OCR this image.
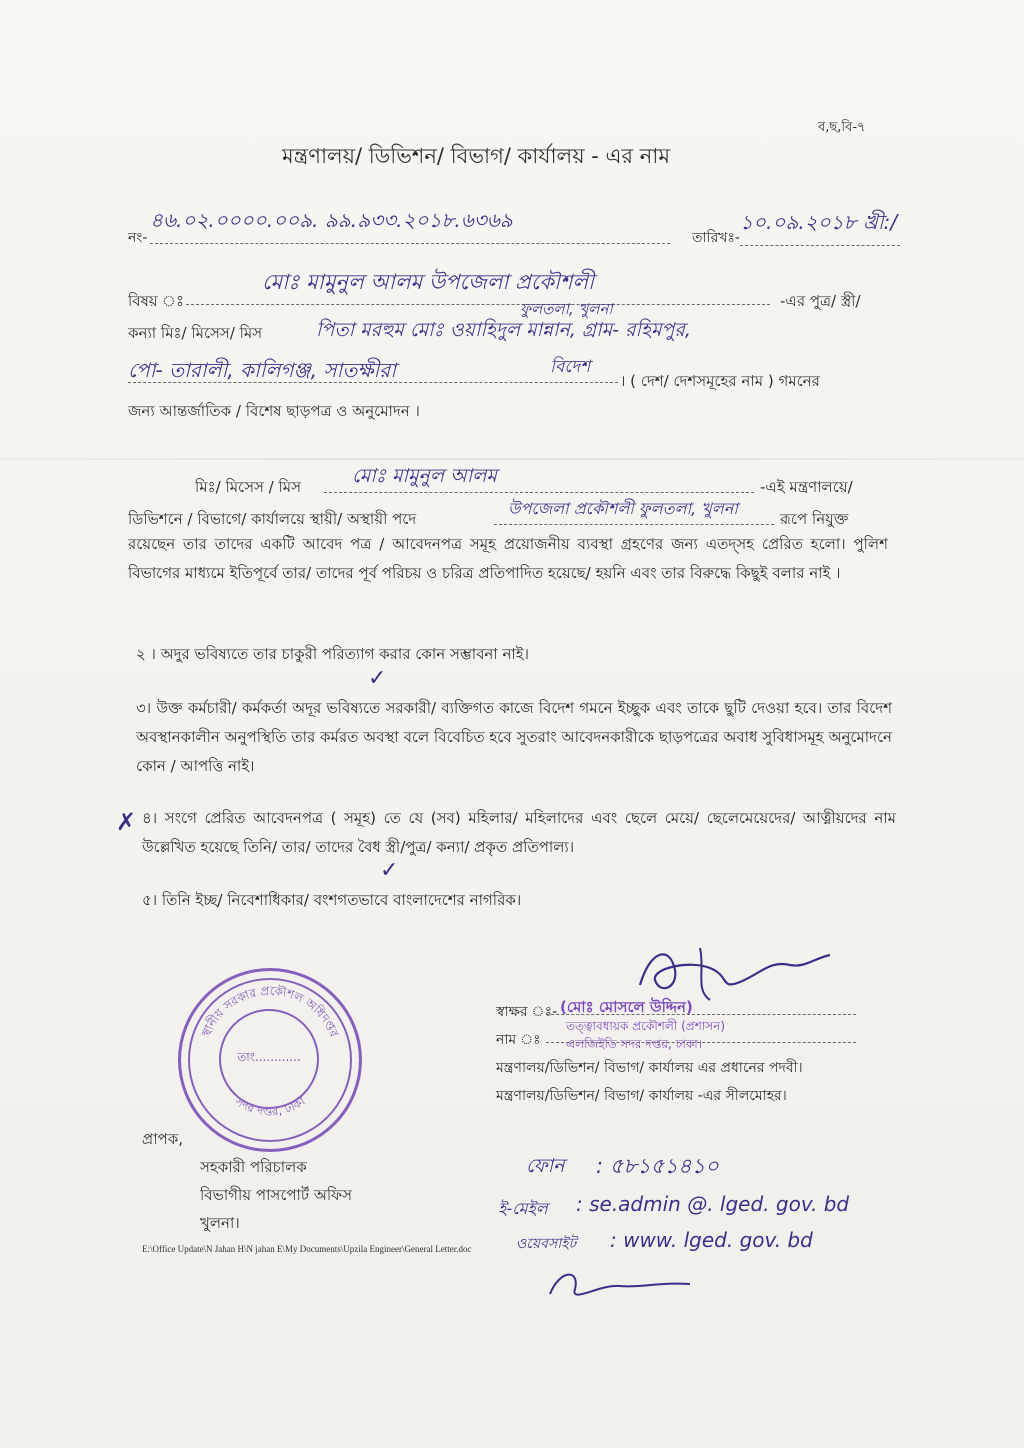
ব,ছ,বি-৭
মন্ত্রণালয়/ ডিভিশন/ বিভাগ/ কার্যালয় - এর নাম
নং-
৪৬.০২.০০০০.০০৯. ৯৯.৯৩৩.২০১৮.৬৩৬৯
তারিখঃ-
১০.০৯.২০১৮ খ্রী:/
বিষয় ঃ
মোঃ মামুনুল আলম উপজেলা প্রকৌশলী
ফুলতলা, খুলনা	-এর পুত্র/ স্ত্রী/
কন্যা মিঃ/ মিসেস/ মিস	পিতা মরহুম মোঃ ওয়াহিদুল মান্নান, গ্রাম- রহিমপুর,
পো- তারালী, কালিগঞ্জ, সাতক্ষীরা	বিদেশ
। ( দেশ/ দেশসমূহের নাম ) গমনের
জন্য আন্তর্জাতিক / বিশেষ ছাড়পত্র ও অনুমোদন ।
মিঃ/ মিসেস / মিস	মোঃ মামুনুল আলম	-এই মন্ত্রণালয়ে/
ডিভিশনে / বিভাগে/ কার্যালয়ে স্থায়ী/ অস্থায়ী পদে
উপজেলা প্রকৌশলী ফুলতলা, খুলনা
রূপে নিযুক্ত
রয়েছেন তার তাদের একটি আবেদ পত্র / আবেদনপত্র সমূহ প্রয়োজনীয় ব্যবস্থা গ্রহণের জন্য এতদ্সহ প্রেরিত হলো। পুলিশ বিভাগের মাধ্যমে ইতিপূর্বে তার/ তাদের পূর্ব পরিচয় ও চরিত্র প্রতিপাদিত হয়েছে/ হয়নি এবং তার বিরুদ্ধে কিছুই বলার নাই ।
২ । অদুর ভবিষ্যতে তার চাকুরী পরিত্যাগ করার কোন সম্ভাবনা নাই।
৩। উক্ত কর্মচারী/ কর্মকর্তা অদূর ভবিষ্যতে সরকারী/ ব্যক্তিগত কাজে বিদেশ গমনে ইচ্ছুক এবং তাকে ছুটি দেওয়া হবে। তার বিদেশ অবস্থানকালীন অনুপস্থিতি তার কর্মরত অবস্থা বলে বিবেচিত হবে সুতরাং আবেদনকারীকে ছাড়পত্রের অবাধ সুবিধাসমূহ অনুমোদনে কোন / আপত্তি নাই।
✗ ৪। সংগে প্রেরিত আবেদনপত্র ( সমূহ) তে যে (সব) মহিলার/ মহিলাদের এবং ছেলে মেয়ে/ ছেলেমেয়েদের/ আত্নীয়দের নাম উল্লেখিত হয়েছে তিনি/ তার/ তাদের বৈধ স্ত্রী/পুত্র/ কন্যা/ প্রকৃত প্রতিপাল্য।
৫। তিনি ইচ্ছ/ নিবেশাধিকার/ বংশগতভাবে বাংলাদেশের নাগরিক।
✓
✓
স্বাক্ষর ঃ- (মোঃ মোসলে উদ্দিন)
নাম ঃ
তত্ত্বাবধায়ক প্রকৌশলী (প্রশাসন)
এলজিইডি সদর দপ্তর, ঢাকা।
মন্ত্রণালয়/ডিভিশন/ বিভাগ/ কার্যালয় এর প্রধানের পদবী।
মন্ত্রণালয়/ডিভিশন/ বিভাগ/ কার্যালয় -এর সীলমোহর।
স্থানীয় সরকার প্রকৌশল অধিদপ্তর
সদর দপ্তর, ঢাকা
তাং............
প্রাপক,
সহকারী পরিচালক
বিভাগীয় পাসপোর্ট অফিস
খুলনা।
E:\Office Update\N Jahan H\N jahan E\My Documents\Upzila Engineer\General Letter.doc
ফোন : ৫৮১৫১৪১০
ই-মেইল : se.admin @. lged. gov. bd
ওয়েবসাইট : www. lged. gov. bd
